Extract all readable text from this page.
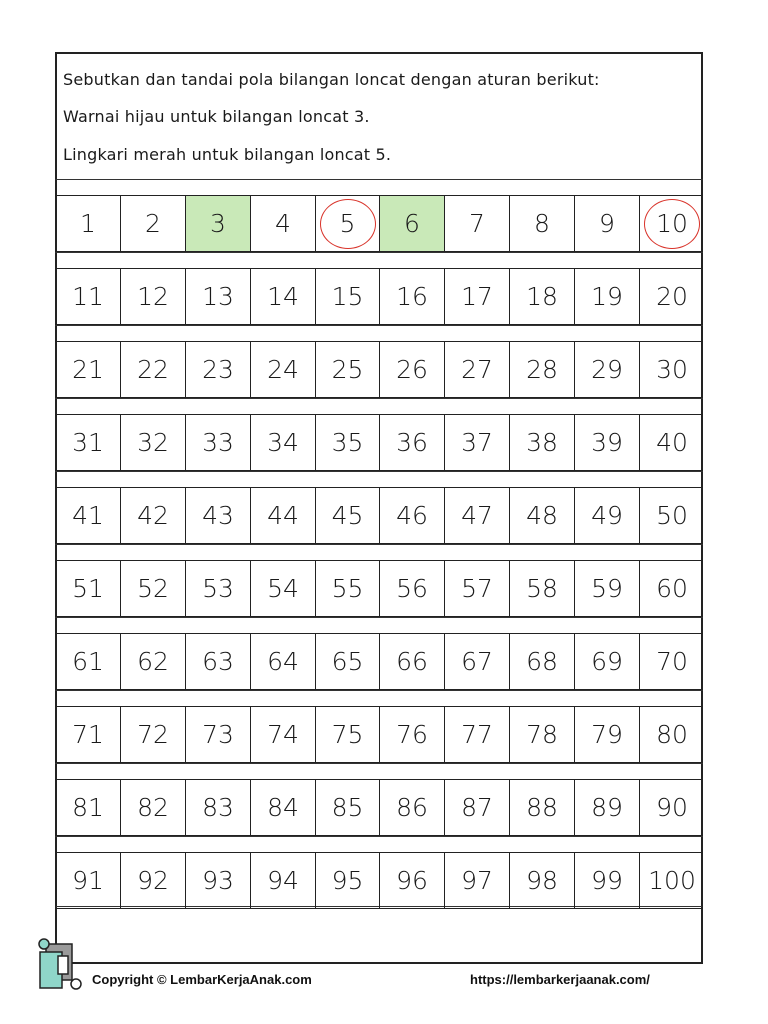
Sebutkan dan tandai pola bilangan loncat dengan aturan berikut:
Warnai hijau untuk bilangan loncat 3.
Lingkari merah untuk bilangan loncat 5.
1 2 3 4 5 6 7 8 9 10
11 12 13 14 15 16 17 18 19 20
21 22 23 24 25 26 27 28 29 30
31 32 33 34 35 36 37 38 39 40
41 42 43 44 45 46 47 48 49 50
51 52 53 54 55 56 57 58 59 60
61 62 63 64 65 66 67 68 69 70
71 72 73 74 75 76 77 78 79 80
81 82 83 84 85 86 87 88 89 90
91 92 93 94 95 96 97 98 99 100
Copyright © LembarKerjaAnak.com	https://lembarkerjaanak.com/
